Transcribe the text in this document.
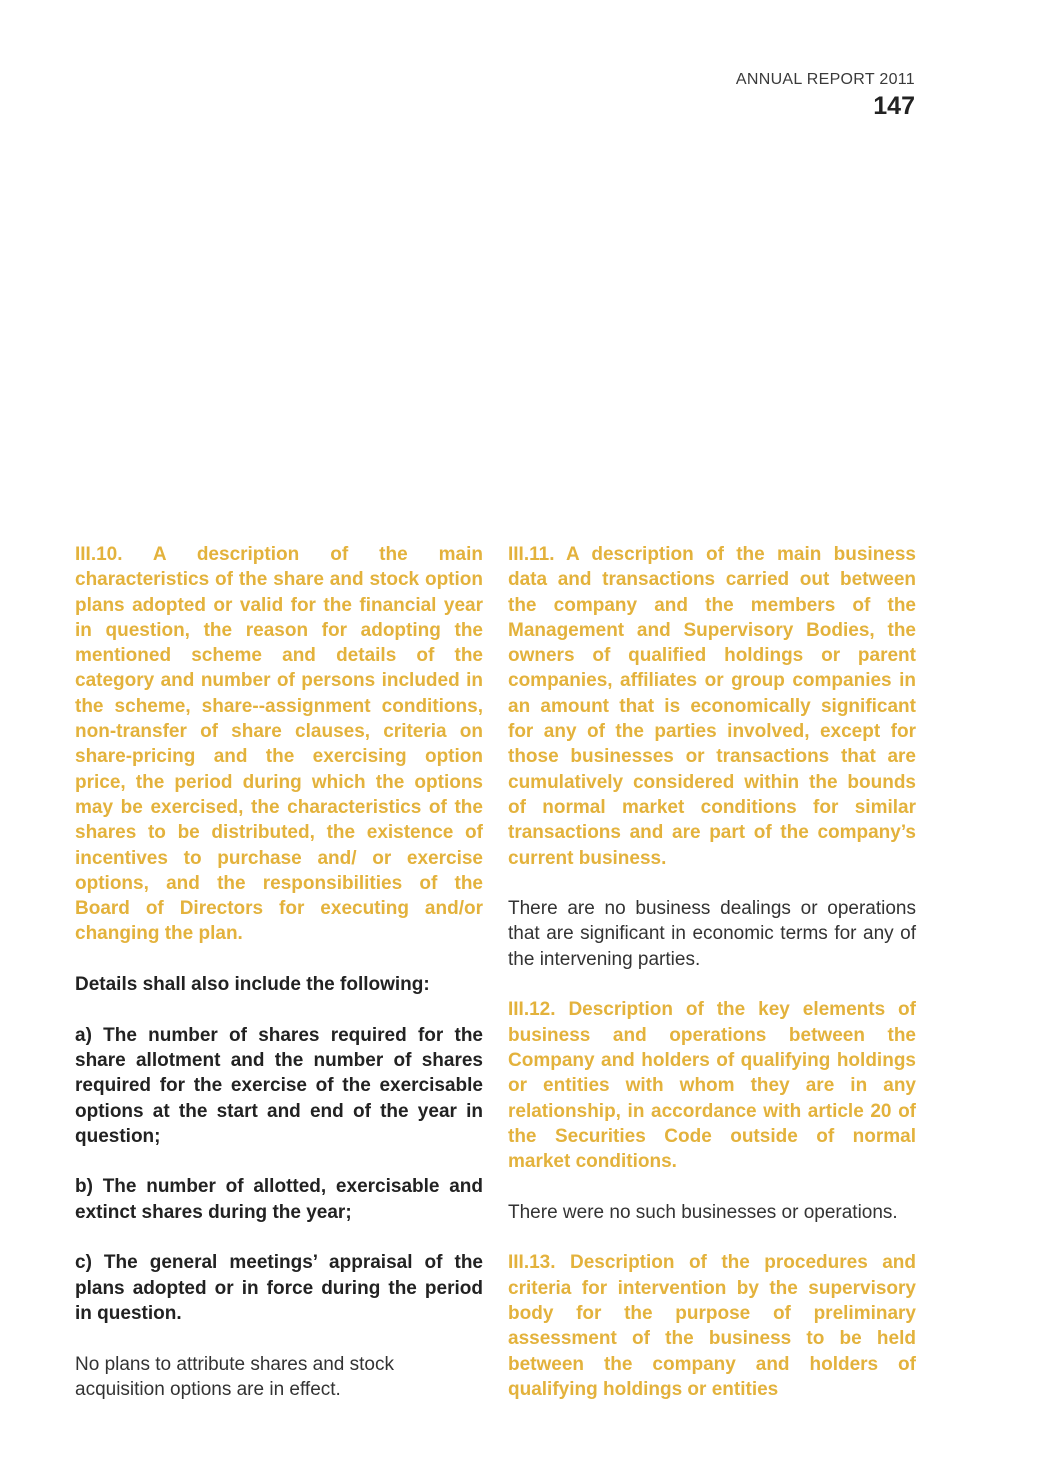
ANNUAL REPORT 2011
147

III.10. A description of the main characteristics of the share and stock option plans adopted or valid for the financial year in question, the reason for adopting the mentioned scheme and details of the category and number of persons included in the scheme, share--assignment conditions, non-transfer of share clauses, criteria on share-pricing and the exercising option price, the period during which the options may be exercised, the characteristics of the shares to be distributed, the existence of incentives to purchase and/ or exercise options, and the responsibilities of the Board of Directors for executing and/or changing the plan.

Details shall also include the following:

a) The number of shares required for the share allotment and the number of shares required for the exercise of the exercisable options at the start and end of the year in question;

b) The number of allotted, exercisable and extinct shares during the year;

c) The general meetings’ appraisal of the plans adopted or in force during the period in question.

No plans to attribute shares and stock acquisition options are in effect.

III.11. A description of the main business data and transactions carried out between the company and the members of the Management and Supervisory Bodies, the owners of qualified holdings or parent companies, affiliates or group companies in an amount that is economically significant for any of the parties involved, except for those businesses or transactions that are cumulatively considered within the bounds of normal market conditions for similar transactions and are part of the company’s current business.

There are no business dealings or operations that are significant in economic terms for any of the intervening parties.

III.12. Description of the key elements of business and operations between the Company and holders of qualifying holdings or entities with whom they are in any relationship, in accordance with article 20 of the Securities Code outside of normal market conditions.

There were no such businesses or operations.

III.13. Description of the procedures and criteria for intervention by the supervisory body for the purpose of preliminary assessment of the business to be held between the company and holders of qualifying holdings or entities
